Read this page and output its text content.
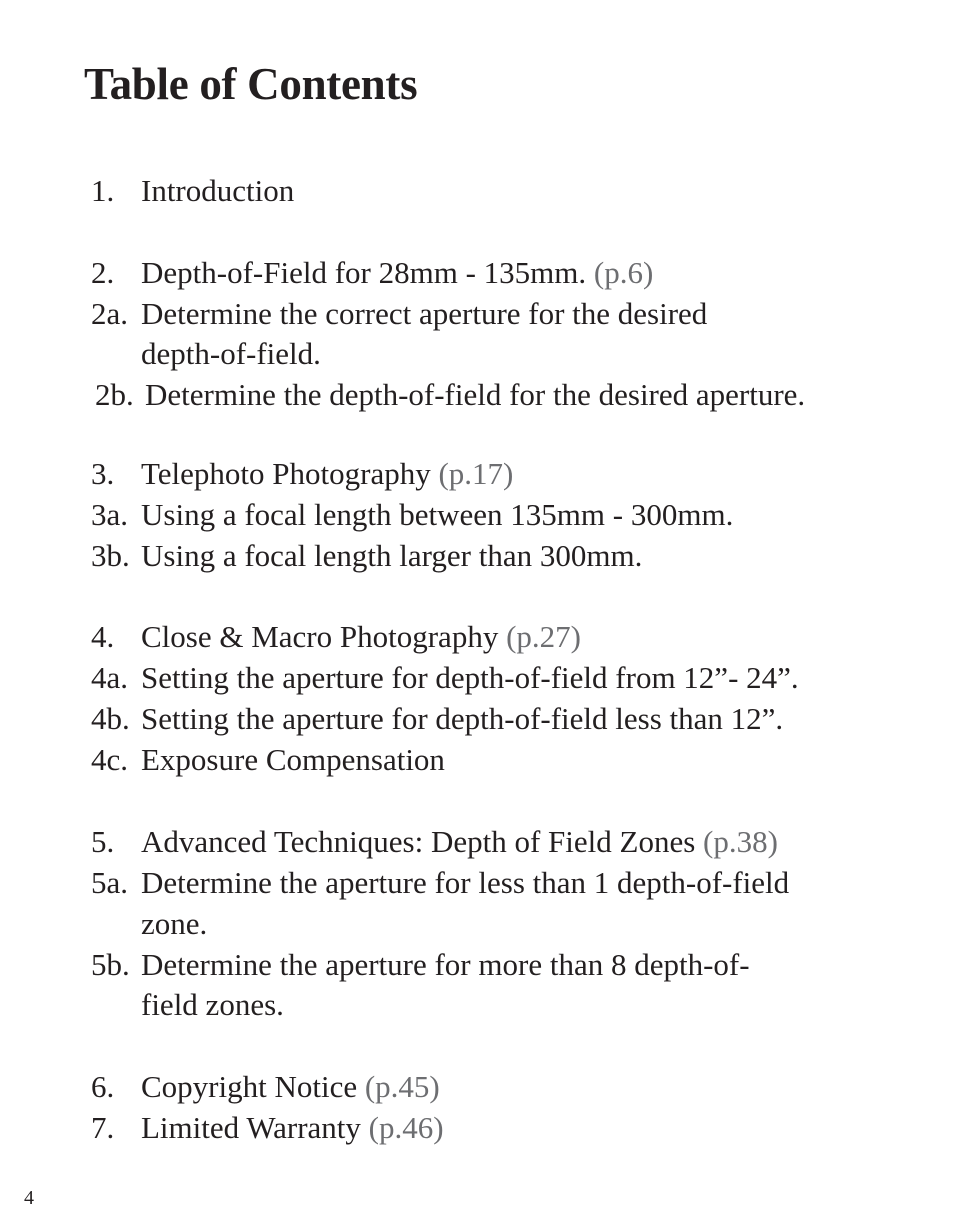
Table of Contents
1. Introduction
2. Depth-of-Field for 28mm - 135mm. (p.6)
2a. Determine the correct aperture for the desired
depth-of-field.
2b. Determine the depth-of-field for the desired aperture.
3. Telephoto Photography (p.17)
3a. Using a focal length between 135mm - 300mm.
3b. Using a focal length larger than 300mm.
4. Close & Macro Photography (p.27)
4a. Setting the aperture for depth-of-field from 12”- 24”.
4b. Setting the aperture for depth-of-field less than 12”.
4c. Exposure Compensation
5. Advanced Techniques: Depth of Field Zones (p.38)
5a. Determine the aperture for less than 1 depth-of-field
zone.
5b. Determine the aperture for more than 8 depth-of-
field zones.
6. Copyright Notice (p.45)
7. Limited Warranty (p.46)
4
